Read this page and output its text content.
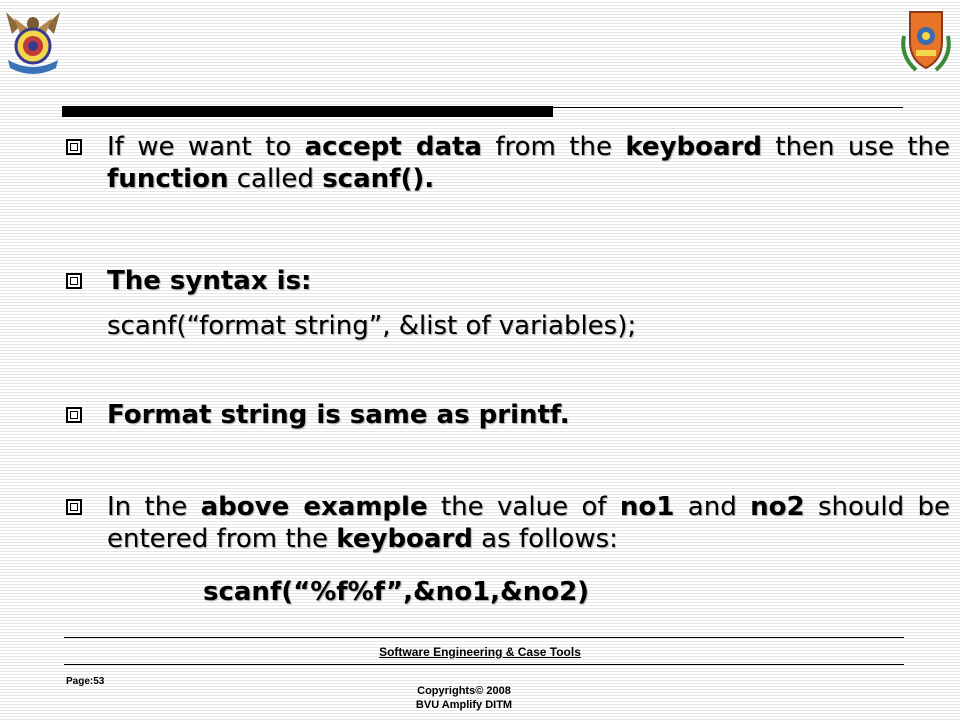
If we want to accept data from the keyboard then use the function called scanf().
The syntax is:
scanf(“format string”, &list of variables);
Format string is same as printf.
In the above example the value of no1 and no2 should be entered from the keyboard as follows:
scanf(“%f%f”,&no1,&no2)
Software Engineering & Case Tools
Page:53
Copyrights© 2008
BVU Amplify DITM
